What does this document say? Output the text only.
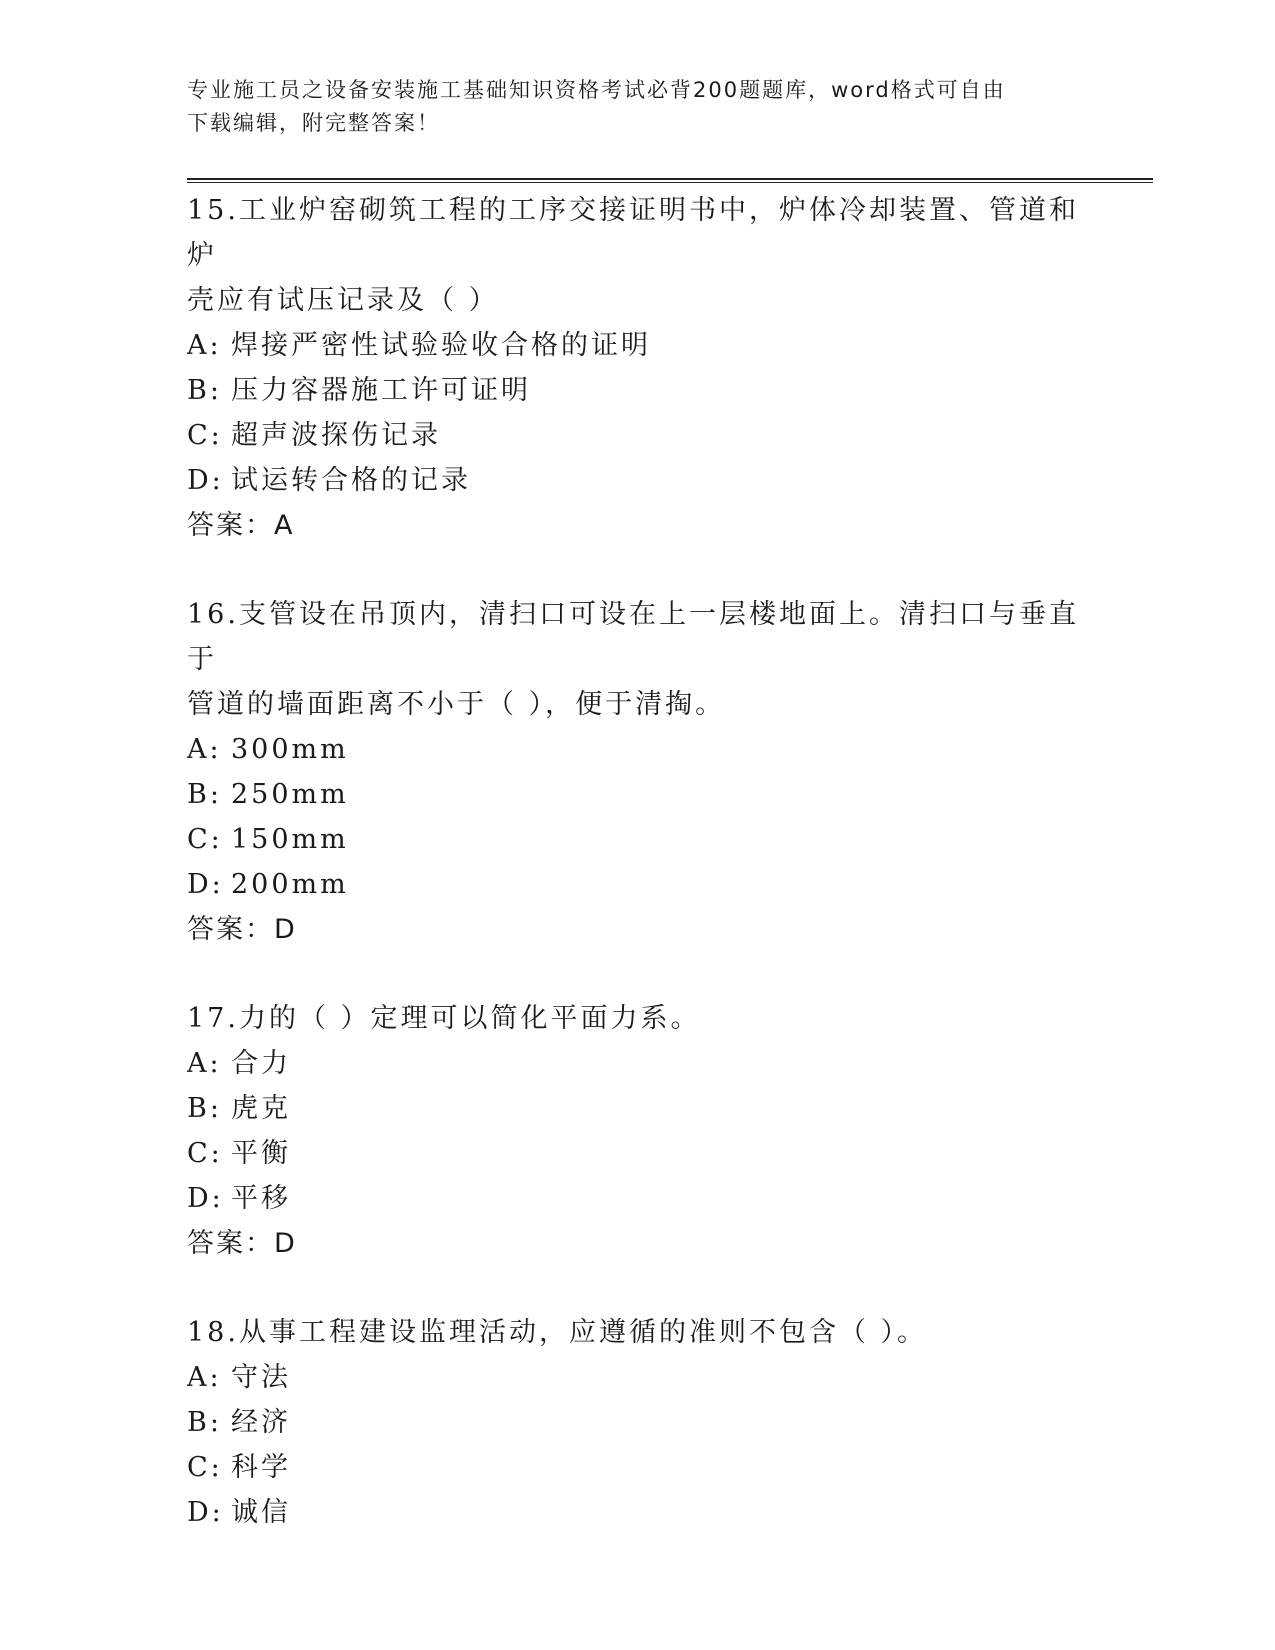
专业施工员之设备安装施工基础知识资格考试必背200题题库，word格式可自由
下载编辑，附完整答案！

15.工业炉窑砌筑工程的工序交接证明书中，炉体冷却装置、管道和炉

壳应有试压记录及（ ）

A: 焊接严密性试验验收合格的证明

B: 压力容器施工许可证明

C: 超声波探伤记录

D: 试运转合格的记录

答案：A

16.支管设在吊顶内，清扫口可设在上一层楼地面上。清扫口与垂直于

管道的墙面距离不小于（ ），便于清掏。

A: 300mm

B: 250mm

C: 150mm

D: 200mm

答案：D

17.力的（ ）定理可以简化平面力系。

A: 合力

B: 虎克

C: 平衡

D: 平移

答案：D

18.从事工程建设监理活动，应遵循的准则不包含（ ）。

A: 守法

B: 经济

C: 科学

D: 诚信
